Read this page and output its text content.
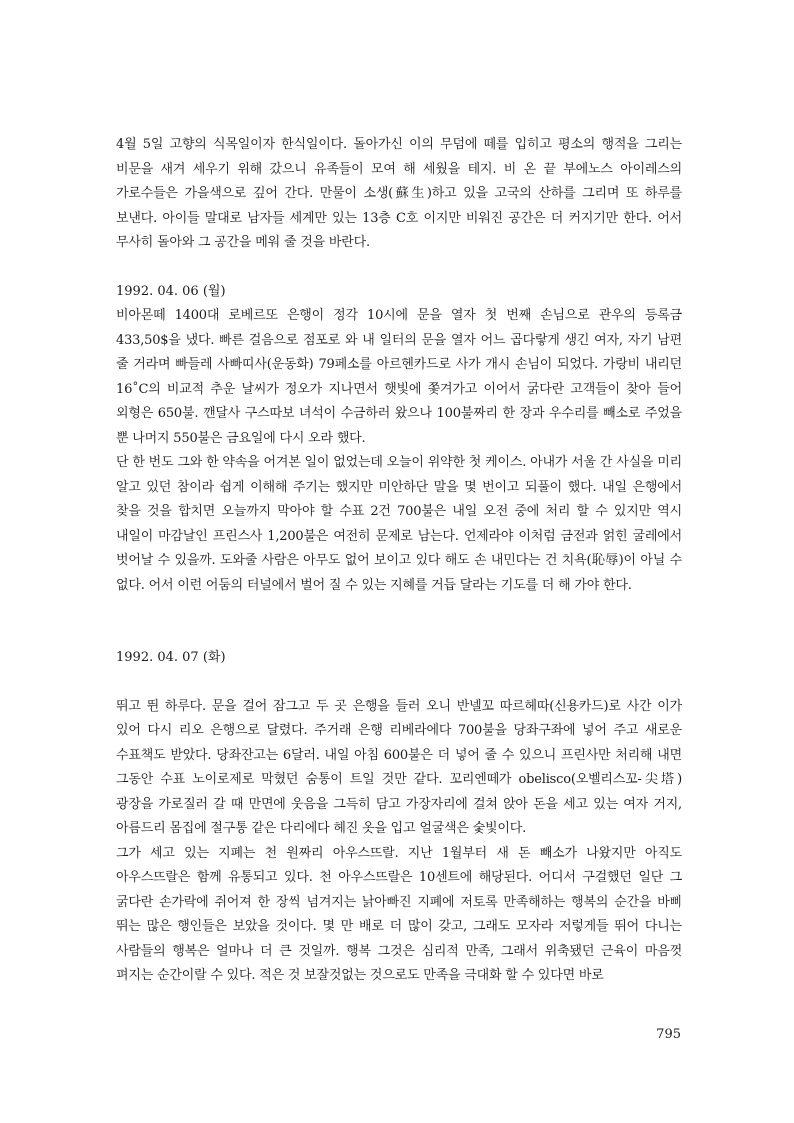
4월 5일 고향의 식목일이자 한식일이다. 돌아가신 이의 무덤에 떼를 입히고 평소의 행적을 그리는 비문을 새겨 세우기 위해 갔으니 유족들이 모여 해 세웠을 테지. 비 온 끝 부에노스 아이레스의 가로수들은 가을색으로 깊어 간다. 만물이 소생(蘇生)하고 있을 고국의 산하를 그리며 또 하루를 보낸다. 아이들 말대로 남자들 세계만 있는 13층 C호 이지만 비워진 공간은 더 커지기만 한다. 어서 무사히 돌아와 그 공간을 메워 줄 것을 바란다.

1992. 04. 06 (월)

비아몬떼 1400대 로베르또 은행이 정각 10시에 문을 열자 첫 번째 손님으로 관우의 등록금 433,50$을 냈다. 빠른 걸음으로 점포로 와 내 일터의 문을 열자 어느 곱다랗게 생긴 여자, 자기 남편 줄 거라며 빠들레 사빠띠사(운동화) 79페소를 아르헨카드로 사가 개시 손님이 되었다. 가랑비 내리던 16˚C의 비교적 추운 날씨가 정오가 지나면서 햇빛에 쫓겨가고 이어서 굵다란 고객들이 찾아 들어 외형은 650불. 깬달사 구스따보 녀석이 수금하러 왔으나 100불짜리 한 장과 우수리를 빼소로 주었을 뿐 나머지 550불은 금요일에 다시 오라 했다.

단 한 번도 그와 한 약속을 어겨본 일이 없었는데 오늘이 위약한 첫 케이스. 아내가 서울 간 사실을 미리 알고 있던 참이라 쉽게 이해해 주기는 했지만 미안하단 말을 몇 번이고 되풀이 했다. 내일 은행에서 찾을 것을 합치면 오늘까지 막아야 할 수표 2건 700불은 내일 오전 중에 처리 할 수 있지만 역시 내일이 마감날인 프린스사 1,200불은 여전히 문제로 남는다. 언제라야 이처럼 금전과 얽힌 굴레에서 벗어날 수 있을까. 도와줄 사람은 아무도 없어 보이고 있다 해도 손 내민다는 건 치욕(恥辱)이 아닐 수 없다. 어서 이런 어둠의 터널에서 벌어 질 수 있는 지혜를 거듭 달라는 기도를 더 해 가야 한다.

1992. 04. 07 (화)

뛰고 뛴 하루다. 문을 걸어 잠그고 두 곳 은행을 들러 오니 반넬꼬 따르헤따(신용카드)로 사간 이가 있어 다시 리오 은행으로 달렸다. 주거래 은행 리베라에다 700불을 당좌구좌에 넣어 주고 새로운 수표책도 받았다. 당좌잔고는 6달러. 내일 아침 600불은 더 넣어 줄 수 있으니 프린사만 처리해 내면 그동안 수표 노이로제로 막혔던 숨통이 트일 것만 같다. 꼬리엔떼가 obelisco(오벨리스꼬-尖塔) 광장을 가로질러 갈 때 만면에 웃음을 그득히 담고 가장자리에 걸쳐 앉아 돈을 세고 있는 여자 거지, 아름드리 몸집에 절구통 같은 다리에다 헤진 옷을 입고 얼굴색은 숯빛이다.

그가 세고 있는 지폐는 천 원짜리 아우스뜨랄. 지난 1월부터 새 돈 빼소가 나왔지만 아직도 아우스뜨랄은 함께 유통되고 있다. 천 아우스뜨랄은 10센트에 해당된다. 어디서 구걸했던 일단 그 굵다란 손가락에 쥐어져 한 장씩 넘겨지는 낡아빠진 지폐에 저토록 만족해하는 행복의 순간을 바삐 뛰는 많은 행인들은 보았을 것이다. 몇 만 배로 더 많이 갖고, 그래도 모자라 저렇게들 뛰어 다니는 사람들의 행복은 얼마나 더 큰 것일까. 행복 그것은 심리적 만족, 그래서 위축됐던 근육이 마음껏 펴지는 순간이랄 수 있다. 적은 것 보잘것없는 것으로도 만족을 극대화 할 수 있다면 바로

795
